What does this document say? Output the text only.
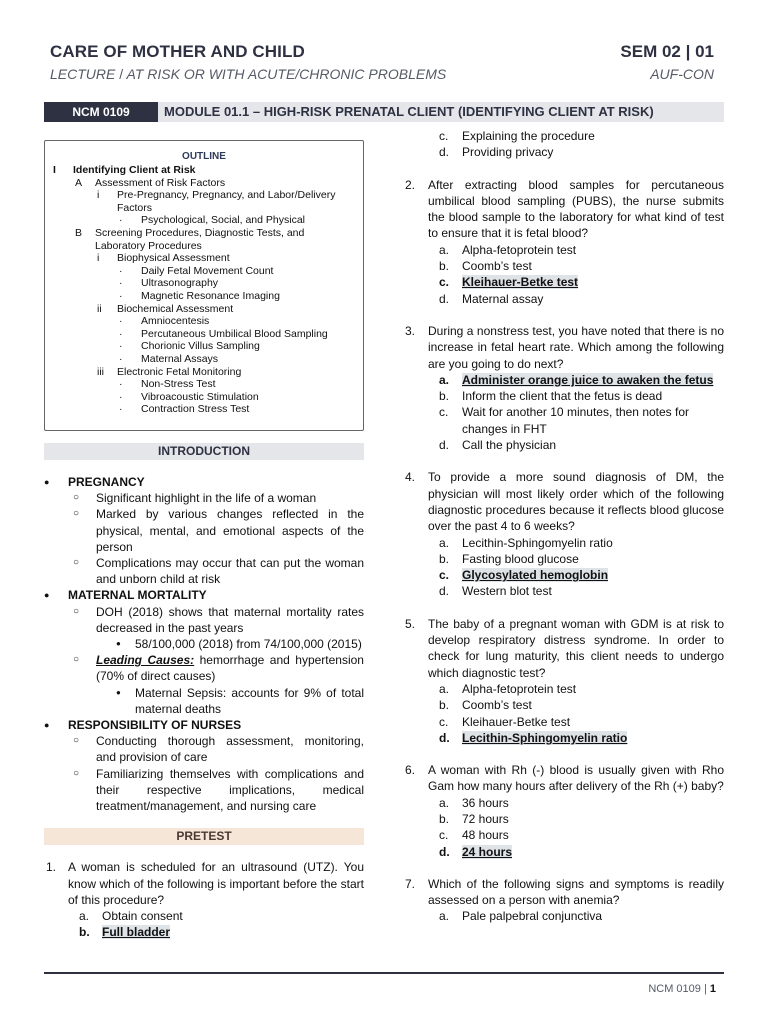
CARE OF MOTHER AND CHILD
LECTURE / AT RISK OR WITH ACUTE/CHRONIC PROBLEMS
SEM 02 | 01
AUF-CON
NCM 0109	MODULE 01.1 – HIGH-RISK PRENATAL CLIENT (IDENTIFYING CLIENT AT RISK)
OUTLINE
I Identifying Client at Risk
A Assessment of Risk Factors
i Pre-Pregnancy, Pregnancy, and Labor/Delivery
Factors
· Psychological, Social, and Physical
B Screening Procedures, Diagnostic Tests, and
Laboratory Procedures
i Biophysical Assessment
· Daily Fetal Movement Count
· Ultrasonography
· Magnetic Resonance Imaging
ii Biochemical Assessment
· Amniocentesis
· Percutaneous Umbilical Blood Sampling
· Chorionic Villus Sampling
· Maternal Assays
iii Electronic Fetal Monitoring
· Non-Stress Test
· Vibroacoustic Stimulation
· Contraction Stress Test
INTRODUCTION
● PREGNANCY
○ Significant highlight in the life of a woman
○ Marked by various changes reflected in the physical, mental, and emotional aspects of the person
○ Complications may occur that can put the woman and unborn child at risk
● MATERNAL MORTALITY
○ DOH (2018) shows that maternal mortality rates decreased in the past years
● 58/100,000 (2018) from 74/100,000 (2015)
○ Leading Causes: hemorrhage and hypertension (70% of direct causes)
● Maternal Sepsis: accounts for 9% of total maternal deaths
● RESPONSIBILITY OF NURSES
○ Conducting thorough assessment, monitoring, and provision of care
○ Familiarizing themselves with complications and their respective implications, medical treatment/management, and nursing care
PRETEST
1. A woman is scheduled for an ultrasound (UTZ). You know which of the following is important before the start of this procedure?
a. Obtain consent
b. Full bladder
c. Explaining the procedure
d. Providing privacy
2. After extracting blood samples for percutaneous umbilical blood sampling (PUBS), the nurse submits the blood sample to the laboratory for what kind of test to ensure that it is fetal blood?
a. Alpha-fetoprotein test
b. Coomb’s test
c. Kleihauer-Betke test
d. Maternal assay
3. During a nonstress test, you have noted that there is no increase in fetal heart rate. Which among the following are you going to do next?
a. Administer orange juice to awaken the fetus
b. Inform the client that the fetus is dead
c. Wait for another 10 minutes, then notes for changes in FHT
d. Call the physician
4. To provide a more sound diagnosis of DM, the physician will most likely order which of the following diagnostic procedures because it reflects blood glucose over the past 4 to 6 weeks?
a. Lecithin-Sphingomyelin ratio
b. Fasting blood glucose
c. Glycosylated hemoglobin
d. Western blot test
5. The baby of a pregnant woman with GDM is at risk to develop respiratory distress syndrome. In order to check for lung maturity, this client needs to undergo which diagnostic test?
a. Alpha-fetoprotein test
b. Coomb’s test
c. Kleihauer-Betke test
d. Lecithin-Sphingomyelin ratio
6. A woman with Rh (-) blood is usually given with Rho Gam how many hours after delivery of the Rh (+) baby?
a. 36 hours
b. 72 hours
c. 48 hours
d. 24 hours
7. Which of the following signs and symptoms is readily assessed on a person with anemia?
a. Pale palpebral conjunctiva
NCM 0109 | 1
